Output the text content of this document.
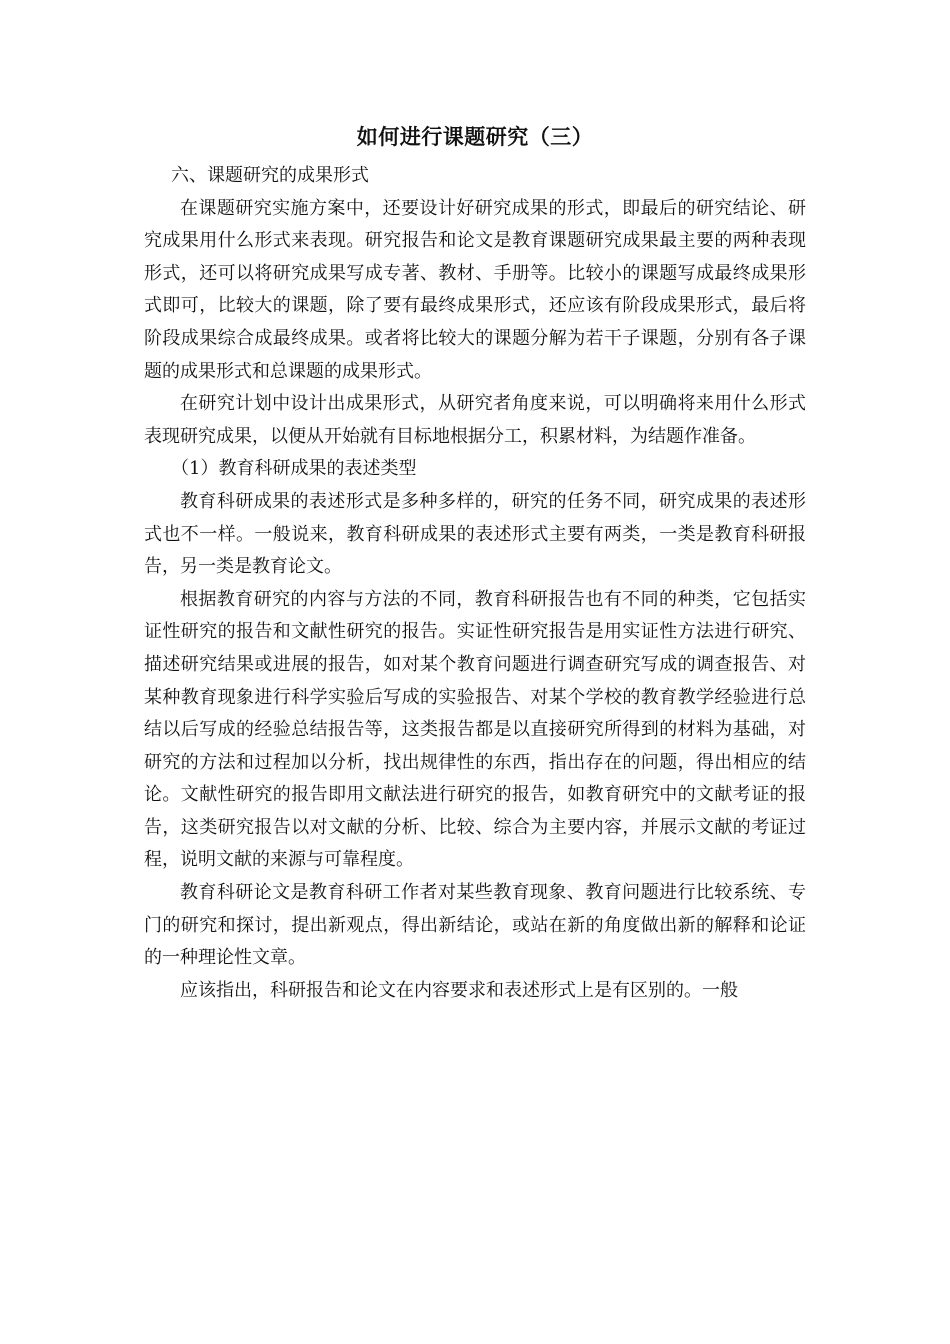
如何进行课题研究（三）

六、课题研究的成果形式

在课题研究实施方案中，还要设计好研究成果的形式，即最后的研究结论、研究成果用什么形式来表现。研究报告和论文是教育课题研究成果最主要的两种表现形式，还可以将研究成果写成专著、教材、手册等。比较小的课题写成最终成果形式即可，比较大的课题，除了要有最终成果形式，还应该有阶段成果形式，最后将阶段成果综合成最终成果。或者将比较大的课题分解为若干子课题，分别有各子课题的成果形式和总课题的成果形式。

在研究计划中设计出成果形式，从研究者角度来说，可以明确将来用什么形式表现研究成果，以便从开始就有目标地根据分工，积累材料，为结题作准备。

（1）教育科研成果的表述类型

教育科研成果的表述形式是多种多样的，研究的任务不同，研究成果的表述形式也不一样。一般说来，教育科研成果的表述形式主要有两类，一类是教育科研报告，另一类是教育论文。

根据教育研究的内容与方法的不同，教育科研报告也有不同的种类，它包括实证性研究的报告和文献性研究的报告。实证性研究报告是用实证性方法进行研究、描述研究结果或进展的报告，如对某个教育问题进行调查研究写成的调查报告、对某种教育现象进行科学实验后写成的实验报告、对某个学校的教育教学经验进行总结以后写成的经验总结报告等，这类报告都是以直接研究所得到的材料为基础，对研究的方法和过程加以分析，找出规律性的东西，指出存在的问题，得出相应的结论。文献性研究的报告即用文献法进行研究的报告，如教育研究中的文献考证的报告，这类研究报告以对文献的分析、比较、综合为主要内容，并展示文献的考证过程，说明文献的来源与可靠程度。

教育科研论文是教育科研工作者对某些教育现象、教育问题进行比较系统、专门的研究和探讨，提出新观点，得出新结论，或站在新的角度做出新的解释和论证的一种理论性文章。

应该指出，科研报告和论文在内容要求和表述形式上是有区别的。一般
